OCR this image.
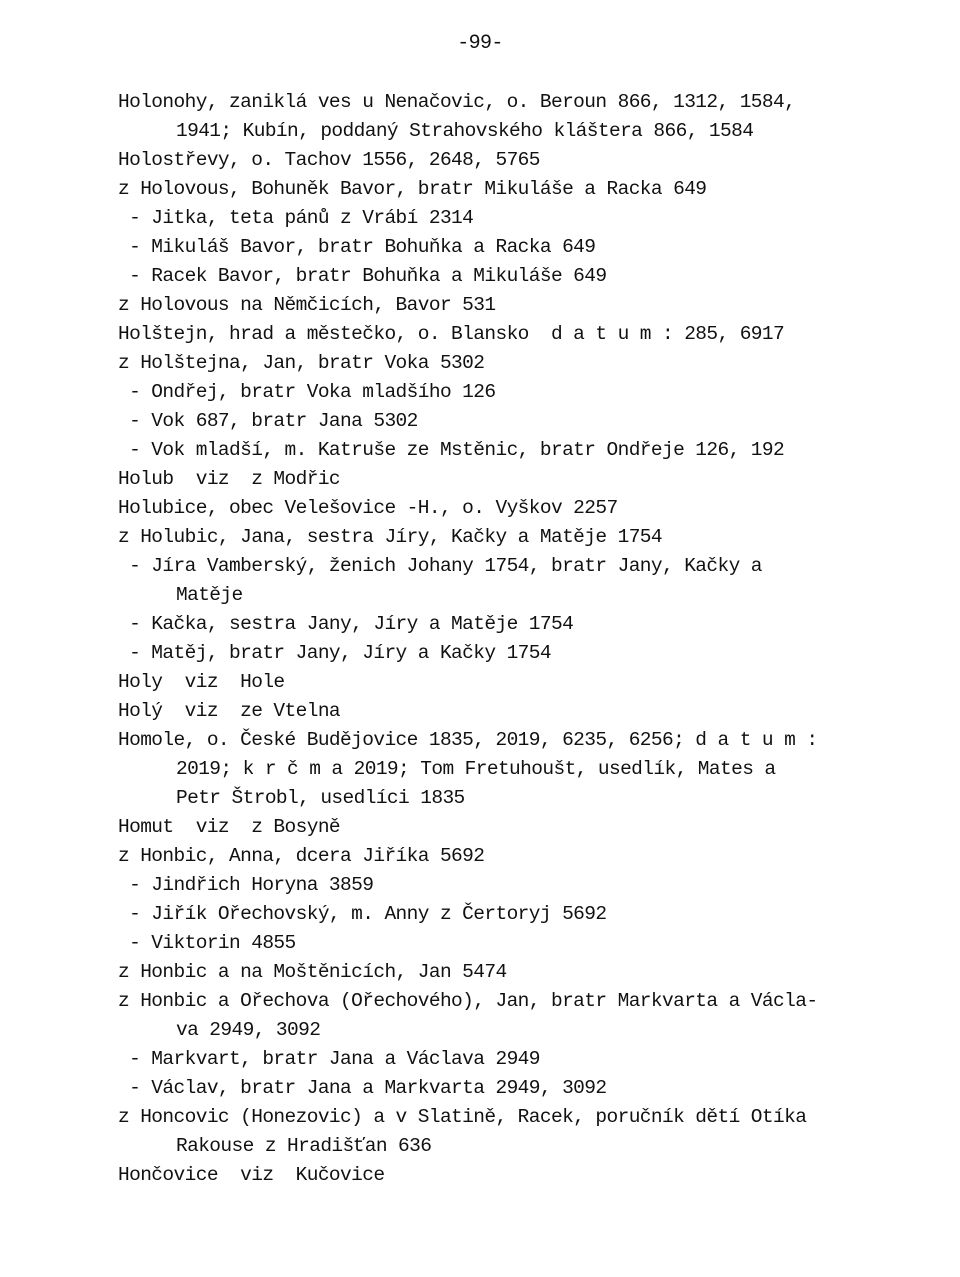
-99-
Holonohy, zaniklá ves u Nenačovic, o. Beroun 866, 1312, 1584,
1941; Kubín, poddaný Strahovského kláštera 866, 1584
Holostřevy, o. Tachov 1556, 2648, 5765
z Holovous, Bohuněk Bavor, bratr Mikuláše a Racka 649
- Jitka, teta pánů z Vrábí 2314
- Mikuláš Bavor, bratr Bohuňka a Racka 649
- Racek Bavor, bratr Bohuňka a Mikuláše 649
z Holovous na Němčicích, Bavor 531
Holštejn, hrad a městečko, o. Blansko  d a t u m : 285, 6917
z Holštejna, Jan, bratr Voka 5302
- Ondřej, bratr Voka mladšího 126
- Vok 687, bratr Jana 5302
- Vok mladší, m. Katruše ze Mstěnic, bratr Ondřeje 126, 192
Holub  viz  z Modřic
Holubice, obec Velešovice -H., o. Vyškov 2257
z Holubic, Jana, sestra Jíry, Kačky a Matěje 1754
- Jíra Vamberský, ženich Johany 1754, bratr Jany, Kačky a
Matěje
- Kačka, sestra Jany, Jíry a Matěje 1754
- Matěj, bratr Jany, Jíry a Kačky 1754
Holy  viz  Hole
Holý  viz  ze Vtelna
Homole, o. České Budějovice 1835, 2019, 6235, 6256; d a t u m :
2019; k r č m a 2019; Tom Fretuhoušt, usedlík, Mates a
Petr Štrobl, usedlíci 1835
Homut  viz  z Bosyně
z Honbic, Anna, dcera Jiříka 5692
- Jindřich Horyna 3859
- Jiřík Ořechovský, m. Anny z Čertoryj 5692
- Viktorin 4855
z Honbic a na Moštěnicích, Jan 5474
z Honbic a Ořechova (Ořechového), Jan, bratr Markvarta a Václa-
va 2949, 3092
- Markvart, bratr Jana a Václava 2949
- Václav, bratr Jana a Markvarta 2949, 3092
z Honcovic (Honezovic) a v Slatině, Racek, poručník dětí Otíka
Rakouse z Hradišťan 636
Hončovice  viz  Kučovice
